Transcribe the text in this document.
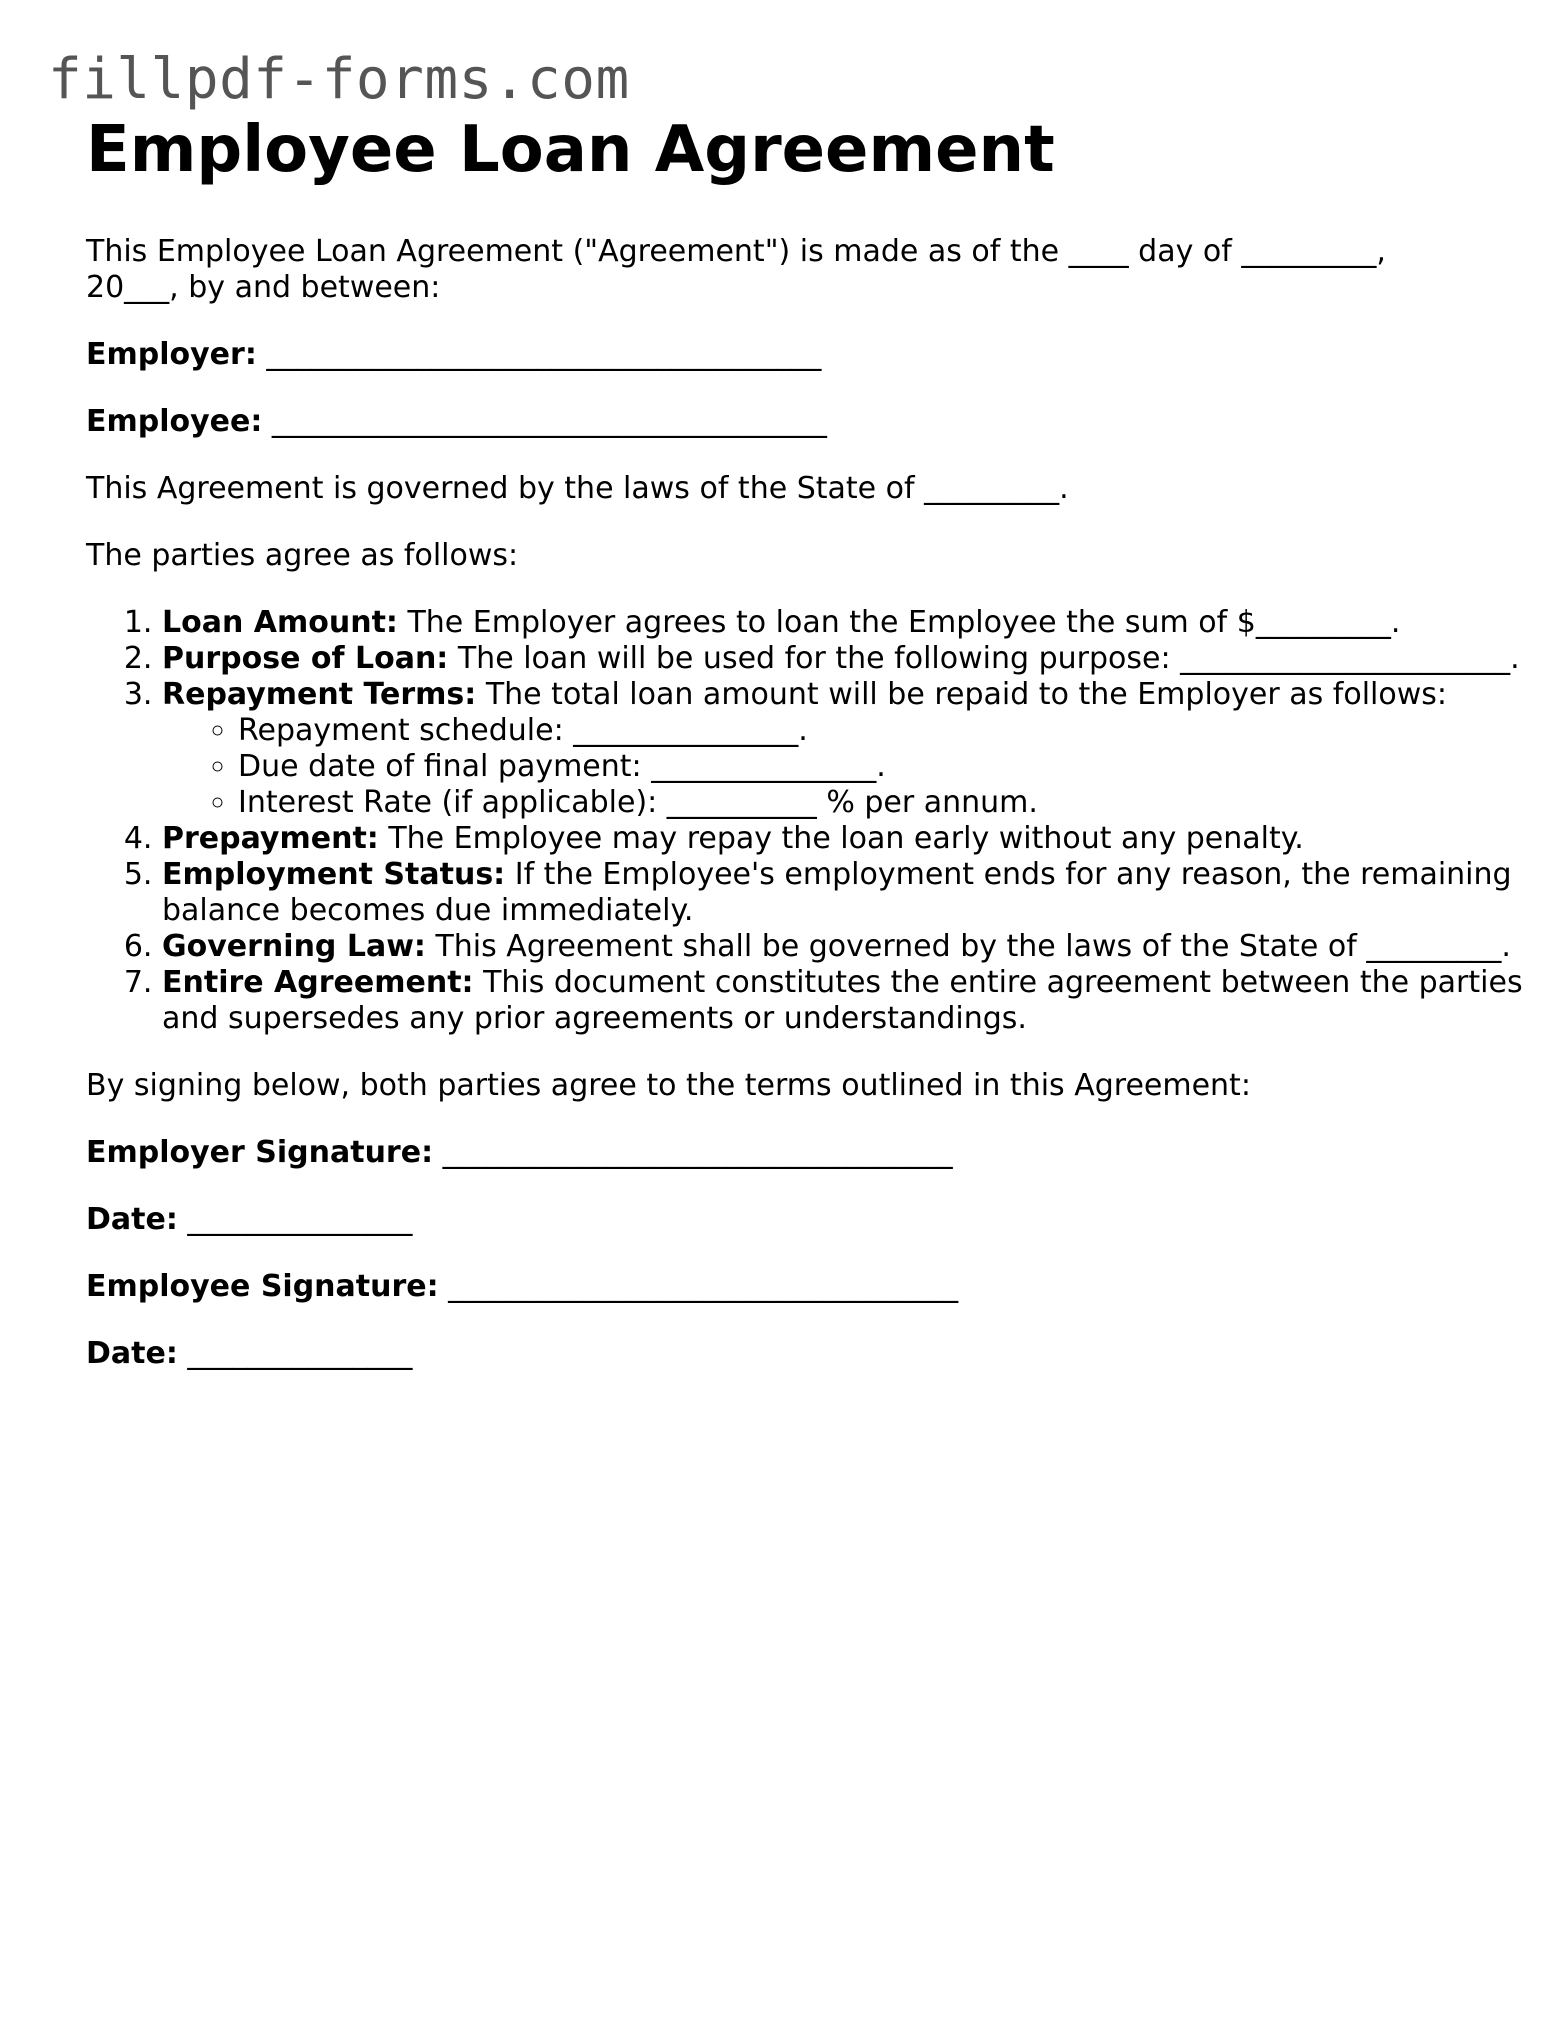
fillpdf-forms.com
Employee Loan Agreement

This Employee Loan Agreement ("Agreement") is made as of the ____ day of _________, 20___, by and between:

Employer: _____________________________________

Employee: _____________________________________

This Agreement is governed by the laws of the State of _________.

The parties agree as follows:

1. Loan Amount: The Employer agrees to loan the Employee the sum of $_________.
2. Purpose of Loan: The loan will be used for the following purpose: ______________________.
3. Repayment Terms: The total loan amount will be repaid to the Employer as follows:
◦ Repayment schedule: _______________.
◦ Due date of final payment: _______________.
◦ Interest Rate (if applicable): __________ % per annum.
4. Prepayment: The Employee may repay the loan early without any penalty.
5. Employment Status: If the Employee's employment ends for any reason, the remaining balance becomes due immediately.
6. Governing Law: This Agreement shall be governed by the laws of the State of _________.
7. Entire Agreement: This document constitutes the entire agreement between the parties and supersedes any prior agreements or understandings.

By signing below, both parties agree to the terms outlined in this Agreement:

Employer Signature: __________________________________

Date: _______________

Employee Signature: __________________________________

Date: _______________
